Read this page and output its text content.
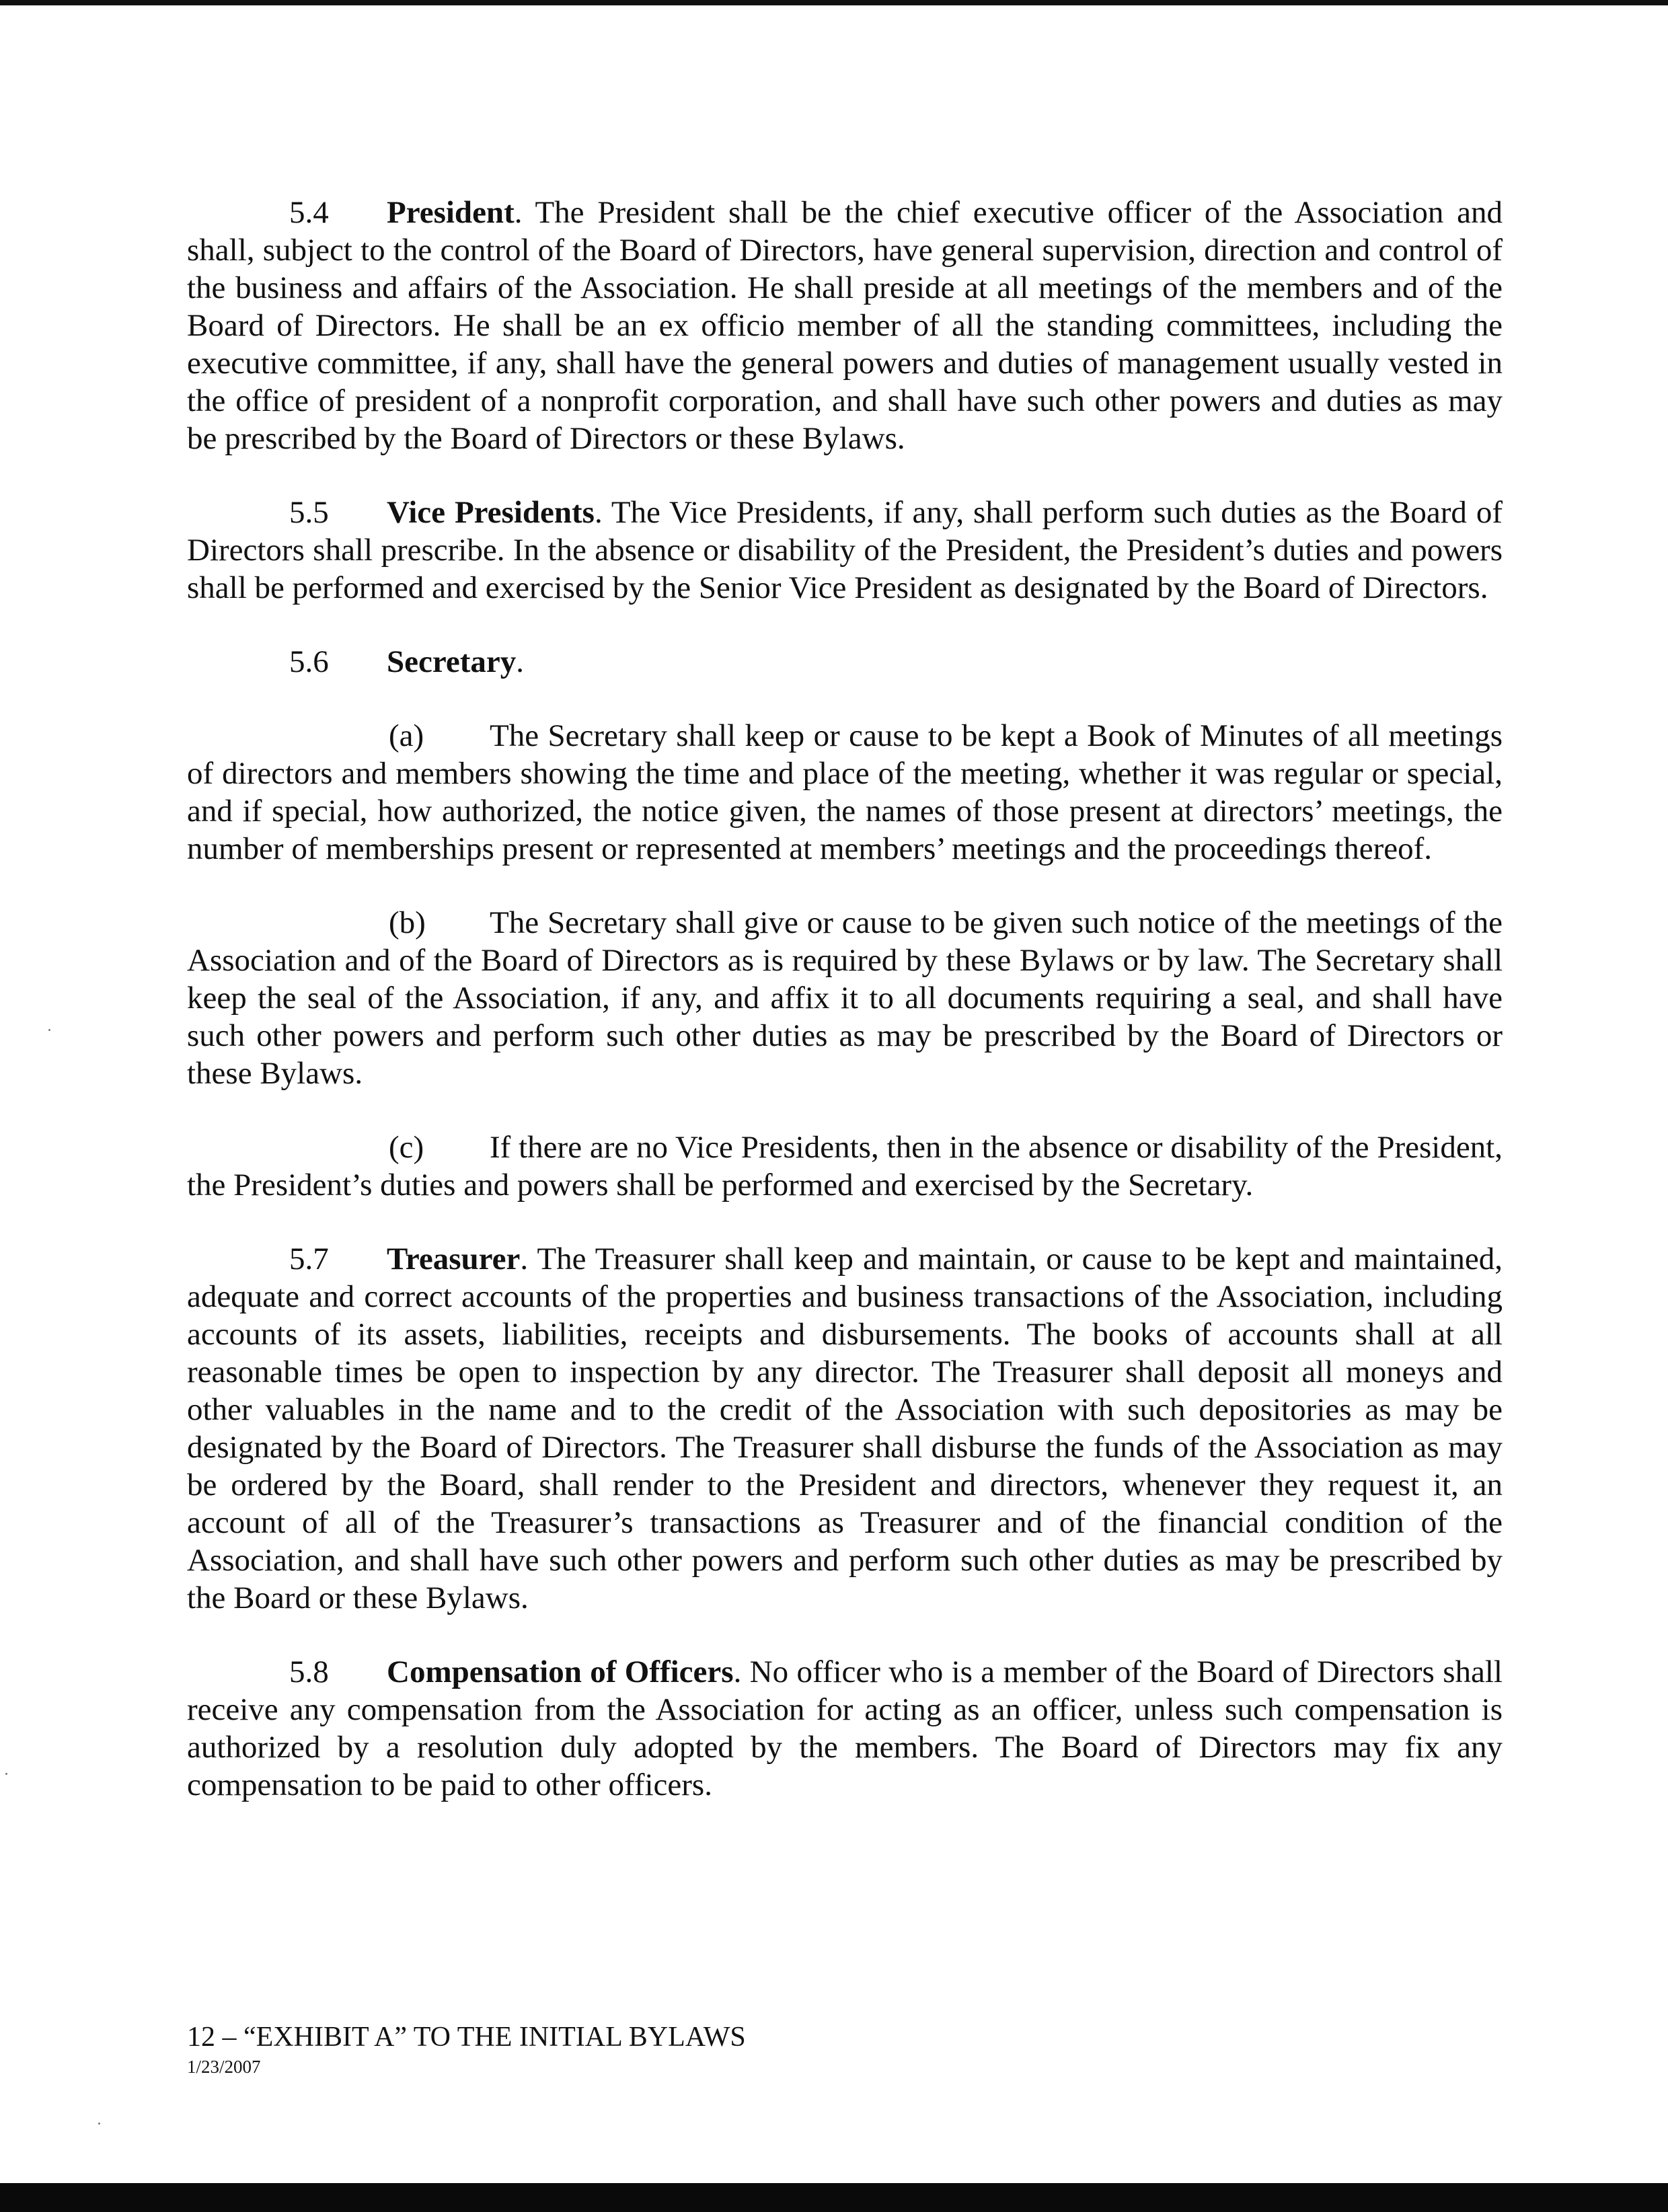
5.4 President. The President shall be the chief executive officer of the Association and shall, subject to the control of the Board of Directors, have general supervision, direction and control of the business and affairs of the Association. He shall preside at all meetings of the members and of the Board of Directors. He shall be an ex officio member of all the standing committees, including the executive committee, if any, shall have the general powers and duties of management usually vested in the office of president of a nonprofit corporation, and shall have such other powers and duties as may be prescribed by the Board of Directors or these Bylaws.

5.5 Vice Presidents. The Vice Presidents, if any, shall perform such duties as the Board of Directors shall prescribe. In the absence or disability of the President, the President’s duties and powers shall be performed and exercised by the Senior Vice President as designated by the Board of Directors.

5.6 Secretary.

(a) The Secretary shall keep or cause to be kept a Book of Minutes of all meetings of directors and members showing the time and place of the meeting, whether it was regular or special, and if special, how authorized, the notice given, the names of those present at directors’ meetings, the number of memberships present or represented at members’ meetings and the proceedings thereof.

(b) The Secretary shall give or cause to be given such notice of the meetings of the Association and of the Board of Directors as is required by these Bylaws or by law. The Secretary shall keep the seal of the Association, if any, and affix it to all documents requiring a seal, and shall have such other powers and perform such other duties as may be prescribed by the Board of Directors or these Bylaws.

(c) If there are no Vice Presidents, then in the absence or disability of the President, the President’s duties and powers shall be performed and exercised by the Secretary.

5.7 Treasurer. The Treasurer shall keep and maintain, or cause to be kept and maintained, adequate and correct accounts of the properties and business transactions of the Association, including accounts of its assets, liabilities, receipts and disbursements. The books of accounts shall at all reasonable times be open to inspection by any director. The Treasurer shall deposit all moneys and other valuables in the name and to the credit of the Association with such depositories as may be designated by the Board of Directors. The Treasurer shall disburse the funds of the Association as may be ordered by the Board, shall render to the President and directors, whenever they request it, an account of all of the Treasurer’s transactions as Treasurer and of the financial condition of the Association, and shall have such other powers and perform such other duties as may be prescribed by the Board or these Bylaws.

5.8 Compensation of Officers. No officer who is a member of the Board of Directors shall receive any compensation from the Association for acting as an officer, unless such compensation is authorized by a resolution duly adopted by the members. The Board of Directors may fix any compensation to be paid to other officers.

12 – “EXHIBIT A” TO THE INITIAL BYLAWS
1/23/2007
